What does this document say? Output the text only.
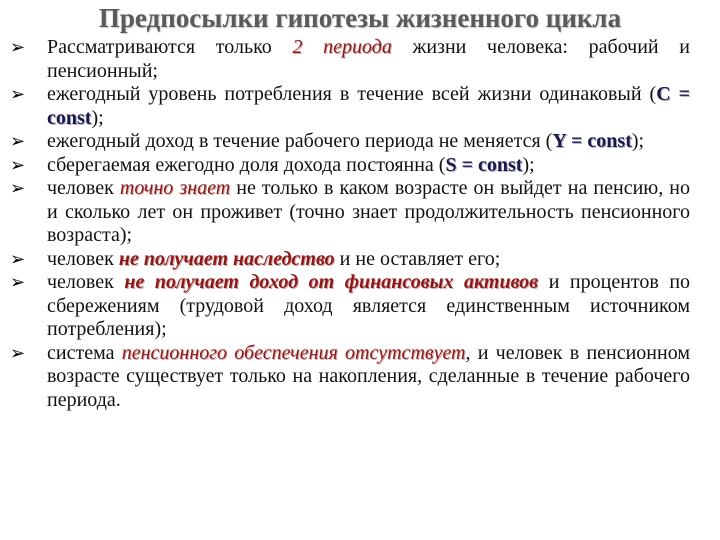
Предпосылки гипотезы жизненного цикла
➢ Рассматриваются только 2 периода жизни человека: рабочий и пенсионный;
➢ ежегодный уровень потребления в течение всей жизни одинаковый (C = const);
➢ ежегодный доход в течение рабочего периода не меняется (Y = const);
➢ сберегаемая ежегодно доля дохода постоянна (S = const);
➢ человек точно знает не только в каком возрасте он выйдет на пенсию, но и сколько лет он проживет (точно знает продолжительность пенсионного возраста);
➢ человек не получает наследство и не оставляет его;
➢ человек не получает доход от финансовых активов и процентов по сбережениям (трудовой доход является единственным источником потребления);
➢ система пенсионного обеспечения отсутствует, и человек в пенсионном возрасте существует только на накопления, сделанные в течение рабочего периода.
